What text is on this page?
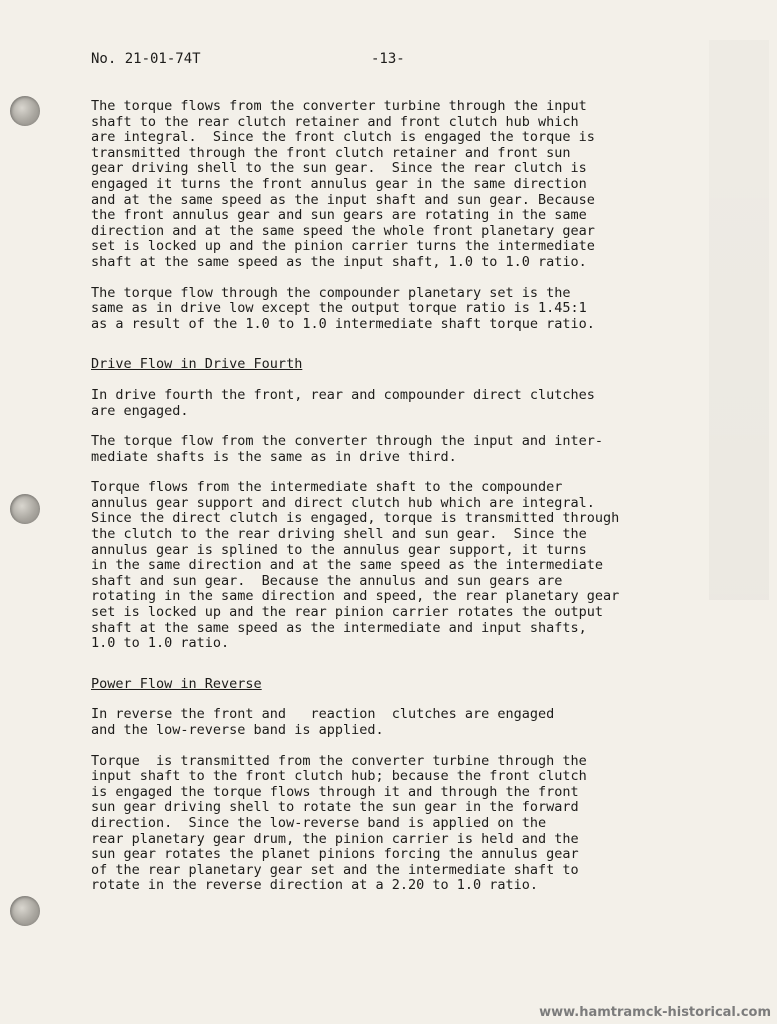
No. 21-01-74T	-13-
The torque flows from the converter turbine through the input
shaft to the rear clutch retainer and front clutch hub which
are integral.  Since the front clutch is engaged the torque is
transmitted through the front clutch retainer and front sun
gear driving shell to the sun gear.  Since the rear clutch is
engaged it turns the front annulus gear in the same direction
and at the same speed as the input shaft and sun gear. Because
the front annulus gear and sun gears are rotating in the same
direction and at the same speed the whole front planetary gear
set is locked up and the pinion carrier turns the intermediate
shaft at the same speed as the input shaft, 1.0 to 1.0 ratio.
The torque flow through the compounder planetary set is the
same as in drive low except the output torque ratio is 1.45:1
as a result of the 1.0 to 1.0 intermediate shaft torque ratio.
Drive Flow in Drive Fourth
In drive fourth the front, rear and compounder direct clutches
are engaged.
The torque flow from the converter through the input and inter-
mediate shafts is the same as in drive third.
Torque flows from the intermediate shaft to the compounder
annulus gear support and direct clutch hub which are integral.
Since the direct clutch is engaged, torque is transmitted through
the clutch to the rear driving shell and sun gear.  Since the
annulus gear is splined to the annulus gear support, it turns
in the same direction and at the same speed as the intermediate
shaft and sun gear.  Because the annulus and sun gears are
rotating in the same direction and speed, the rear planetary gear
set is locked up and the rear pinion carrier rotates the output
shaft at the same speed as the intermediate and input shafts,
1.0 to 1.0 ratio.
Power Flow in Reverse
In reverse the front and   reaction  clutches are engaged
and the low-reverse band is applied.
Torque  is transmitted from the converter turbine through the
input shaft to the front clutch hub; because the front clutch
is engaged the torque flows through it and through the front
sun gear driving shell to rotate the sun gear in the forward
direction.  Since the low-reverse band is applied on the
rear planetary gear drum, the pinion carrier is held and the
sun gear rotates the planet pinions forcing the annulus gear
of the rear planetary gear set and the intermediate shaft to
rotate in the reverse direction at a 2.20 to 1.0 ratio.
www.hamtramck-historical.com
